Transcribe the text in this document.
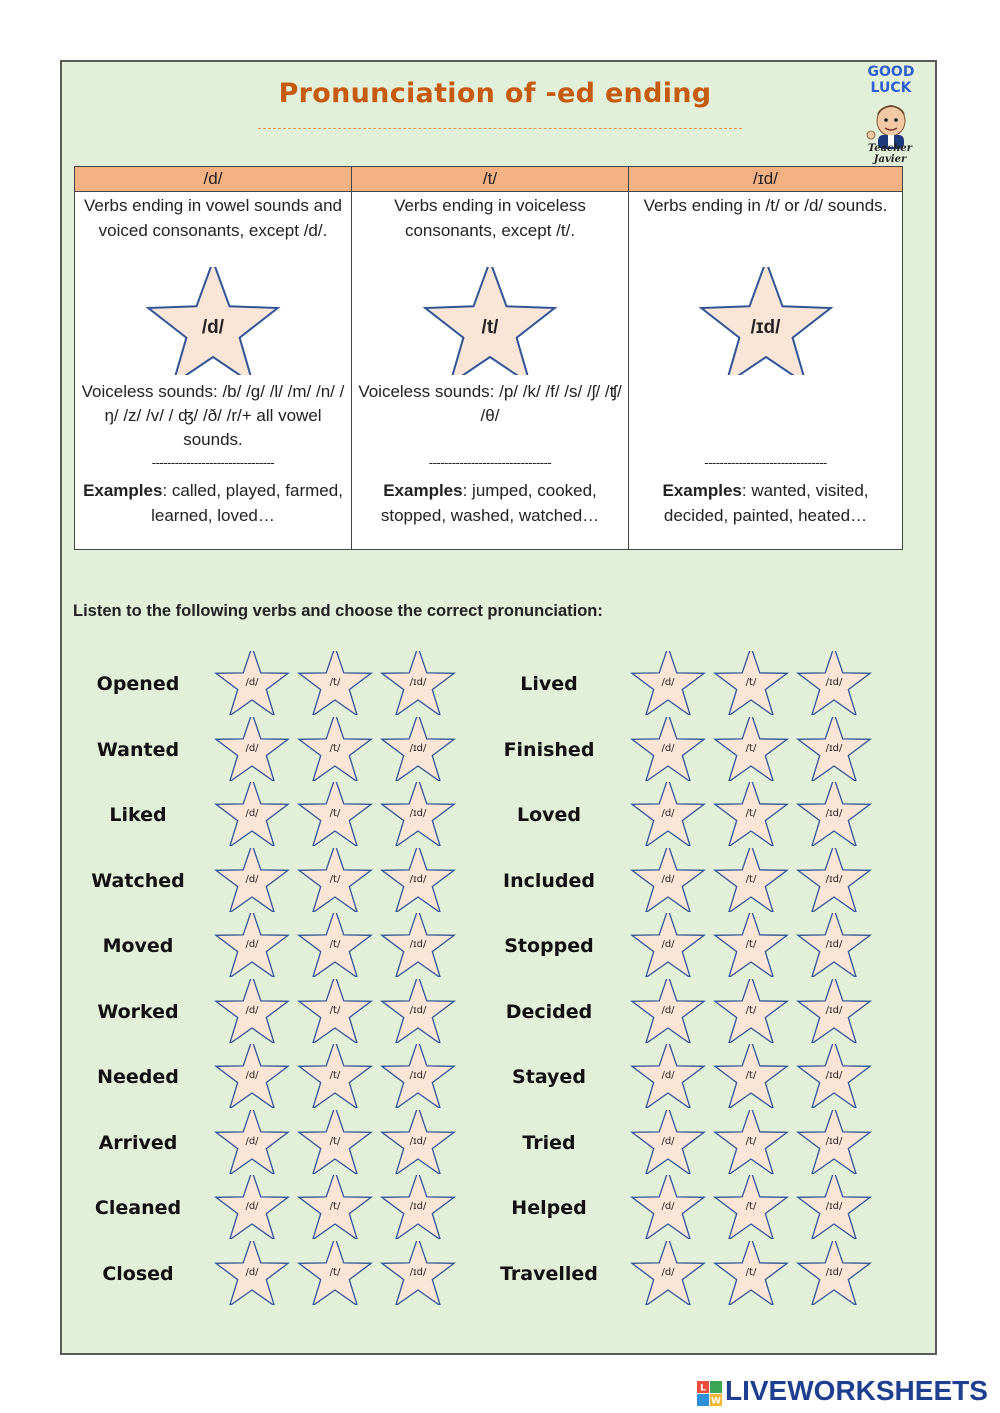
Pronunciation of -ed ending
GOOD
LUCK
Teacher Javier
/d/
Verbs ending in vowel sounds and voiced consonants, except /d/.
/d/
Voiceless sounds: /b/ /g/ /l/ /m/ /n/ /ŋ/ /z/ /v/ / ʤ/ /ð/ /r/+ all vowel sounds.
--------------------------------
Examples: called, played, farmed, learned, loved…
/t/
Verbs ending in voiceless consonants, except /t/.
/t/
Voiceless sounds: /p/ /k/ /f/ /s/ /ʃ/ /ʧ/ /θ/
--------------------------------
Examples: jumped, cooked, stopped, washed, watched…
/ɪd/
Verbs ending in /t/ or /d/ sounds.
/ɪd/
--------------------------------
Examples: wanted, visited, decided, painted, heated…
Listen to the following verbs and choose the correct pronunciation:
Opened	/d/	/t/	/ɪd/
Wanted	/d/	/t/	/ɪd/
Liked	/d/	/t/	/ɪd/
Watched	/d/	/t/	/ɪd/
Moved	/d/	/t/	/ɪd/
Worked	/d/	/t/	/ɪd/
Needed	/d/	/t/	/ɪd/
Arrived	/d/	/t/	/ɪd/
Cleaned	/d/	/t/	/ɪd/
Closed	/d/	/t/	/ɪd/
Lived	/d/	/t/	/ɪd/
Finished	/d/	/t/	/ɪd/
Loved	/d/	/t/	/ɪd/
Included	/d/	/t/	/ɪd/
Stopped	/d/	/t/	/ɪd/
Decided	/d/	/t/	/ɪd/
Stayed	/d/	/t/	/ɪd/
Tried	/d/	/t/	/ɪd/
Helped	/d/	/t/	/ɪd/
Travelled	/d/	/t/	/ɪd/
L
W LIVEWORKSHEETS
